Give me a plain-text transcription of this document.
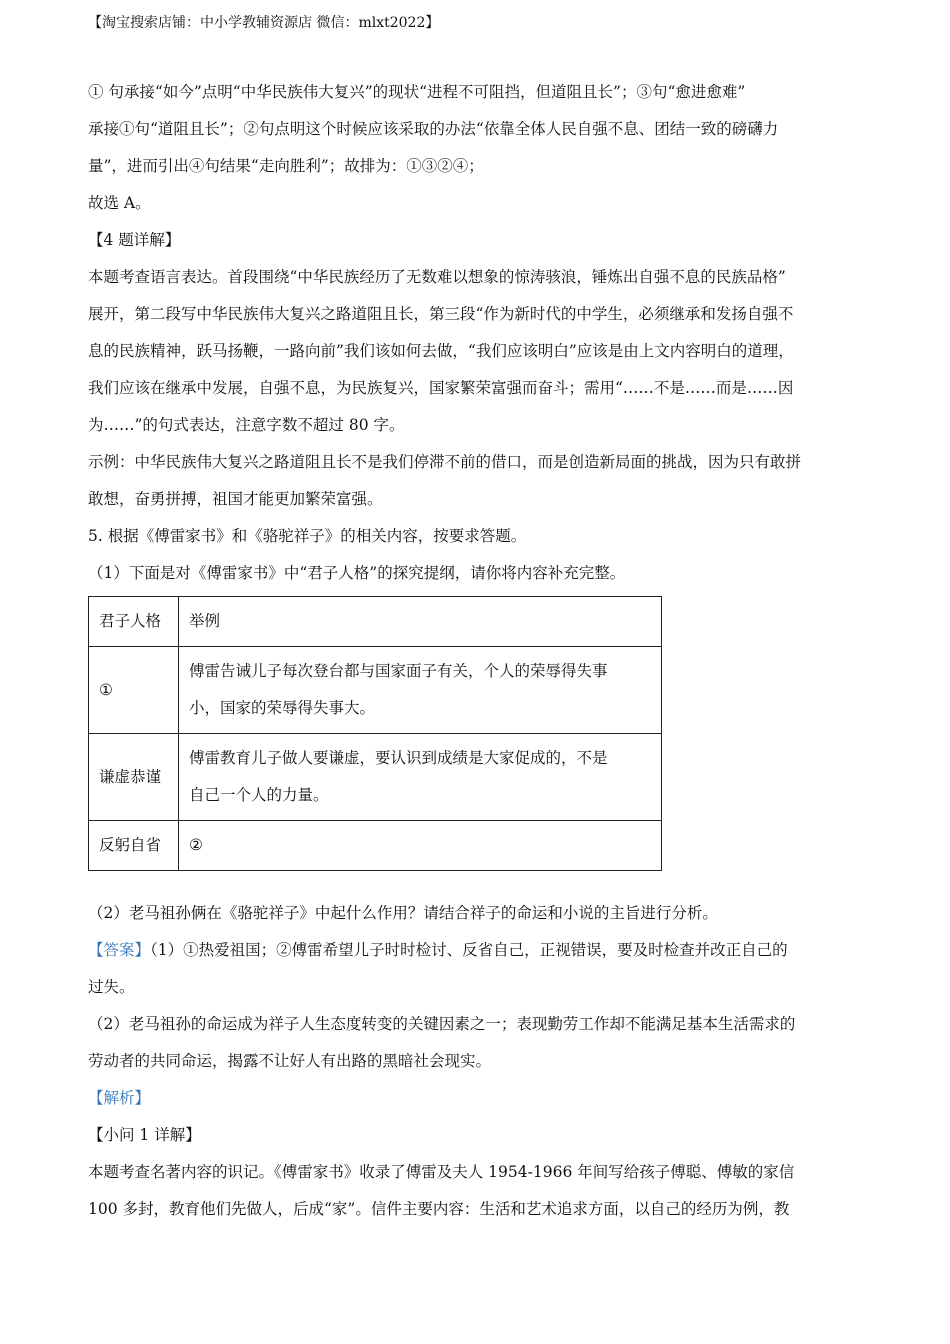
【淘宝搜索店铺：中小学教辅资源店 微信：mlxt2022】

① 句承接“如今”点明“中华民族伟大复兴”的现状“进程不可阻挡，但道阻且长”；③句“愈进愈难”

承接①句“道阻且长”；②句点明这个时候应该采取的办法“依靠全体人民自强不息、团结一致的磅礴力

量”，进而引出④句结果“走向胜利”；故排为：①③②④；

故选 A。

【4 题详解】

本题考查语言表达。首段围绕“中华民族经历了无数难以想象的惊涛骇浪，锤炼出自强不息的民族品格”

展开，第二段写中华民族伟大复兴之路道阻且长，第三段“作为新时代的中学生，必须继承和发扬自强不

息的民族精神，跃马扬鞭，一路向前”我们该如何去做，“我们应该明白”应该是由上文内容明白的道理，

我们应该在继承中发展，自强不息，为民族复兴，国家繁荣富强而奋斗；需用“……不是……而是……因

为……”的句式表达，注意字数不超过 80 字。

示例：中华民族伟大复兴之路道阻且长不是我们停滞不前的借口，而是创造新局面的挑战，因为只有敢拼

敢想，奋勇拼搏，祖国才能更加繁荣富强。

5. 根据《傅雷家书》和《骆驼祥子》的相关内容，按要求答题。

（1）下面是对《傅雷家书》中“君子人格”的探究提纲，请你将内容补充完整。

君子人格	举例
①	傅雷告诫儿子每次登台都与国家面子有关，个人的荣辱得失事
小，国家的荣辱得失事大。

谦虚恭谨	傅雷教育儿子做人要谦虚，要认识到成绩是大家促成的，不是
自己一个人的力量。

反躬自省	②

（2）老马祖孙俩在《骆驼祥子》中起什么作用？请结合祥子的命运和小说的主旨进行分析。

【答案】（1）①热爱祖国；②傅雷希望儿子时时检讨、反省自己，正视错误，要及时检查并改正自己的

过失。

（2）老马祖孙的命运成为祥子人生态度转变的关键因素之一；表现勤劳工作却不能满足基本生活需求的

劳动者的共同命运，揭露不让好人有出路的黑暗社会现实。

【解析】

【小问 1 详解】

本题考查名著内容的识记。《傅雷家书》收录了傅雷及夫人 1954-1966 年间写给孩子傅聪、傅敏的家信

100 多封，教育他们先做人，后成“家”。信件主要内容：生活和艺术追求方面，以自己的经历为例，教
